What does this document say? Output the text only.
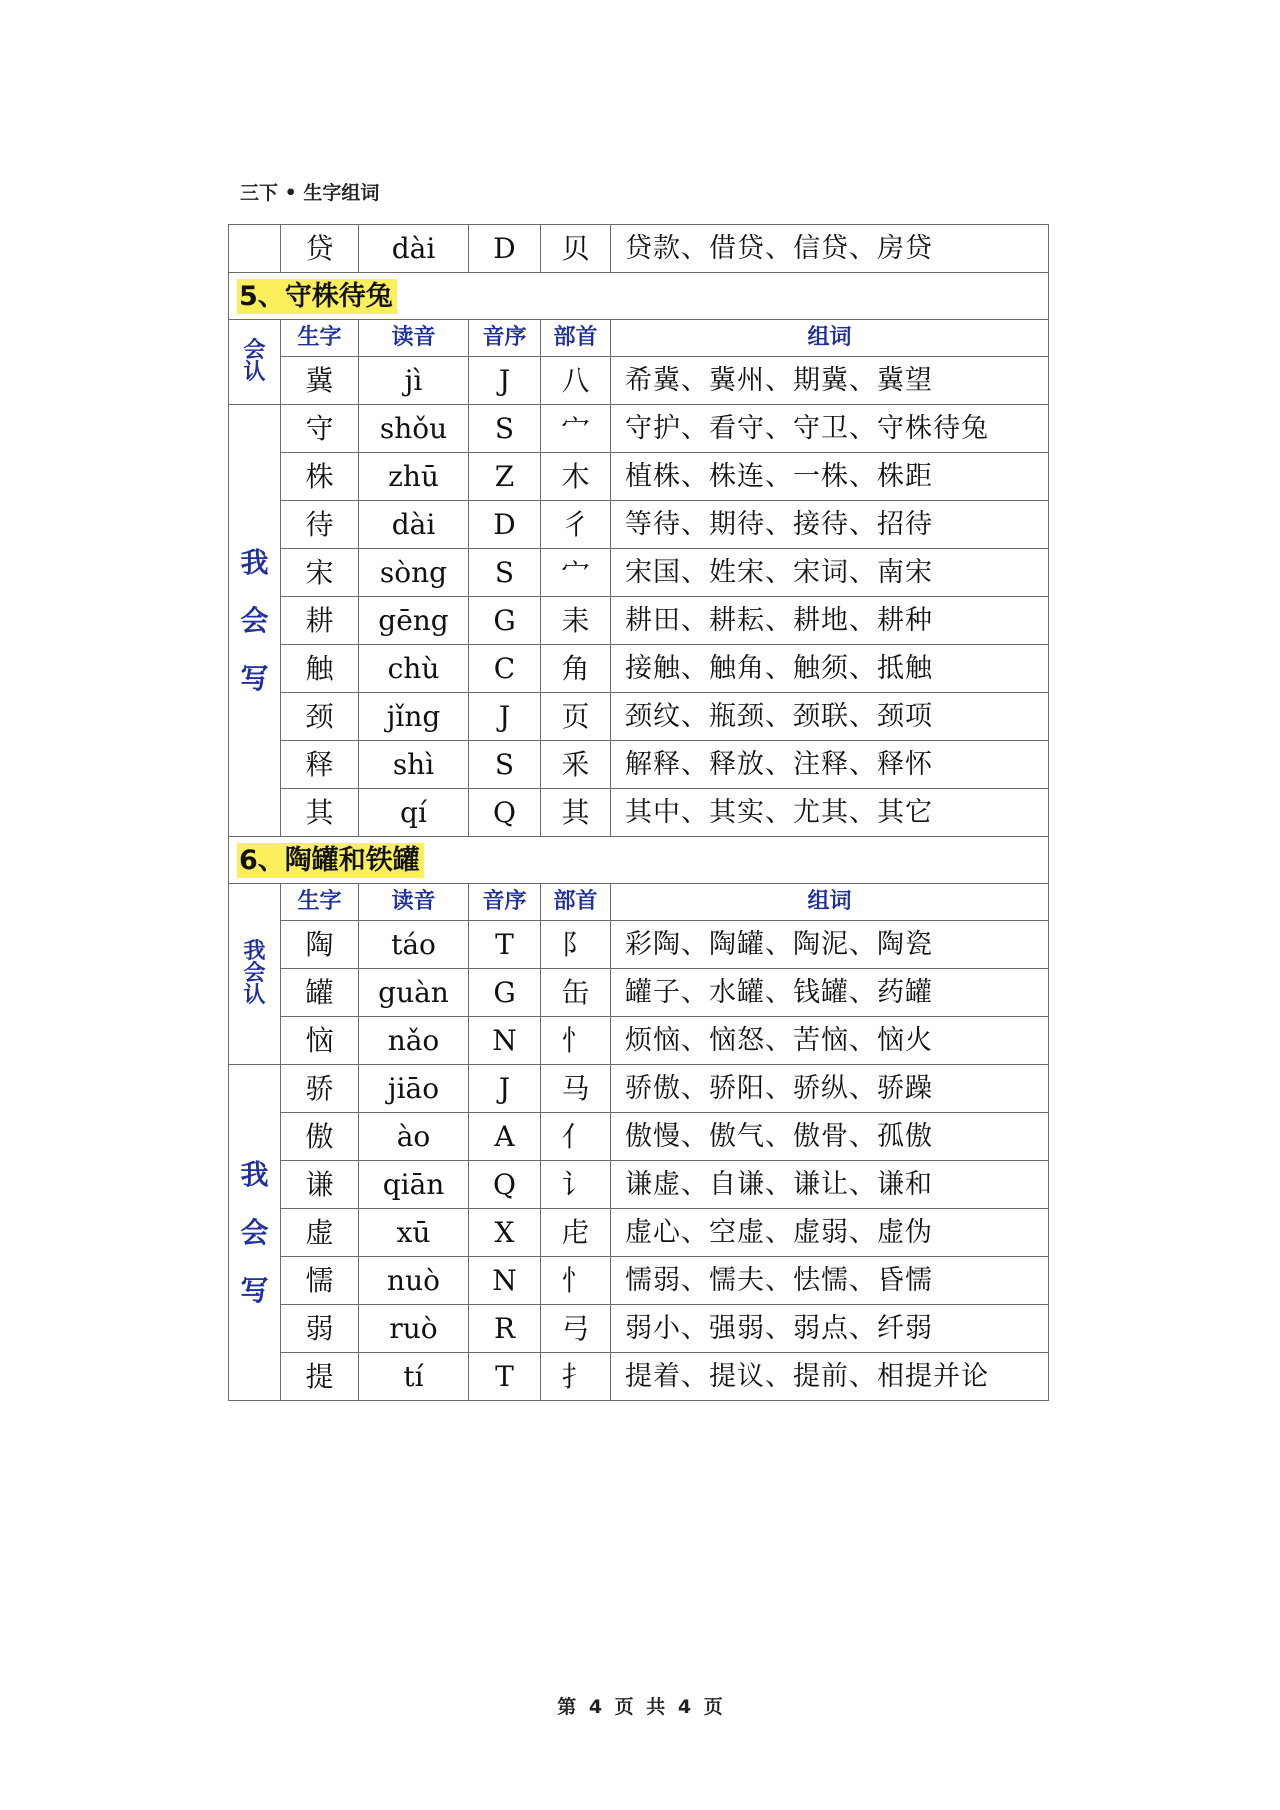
三下 • 生字组词
	贷	dài	D	贝	贷款、借贷、信贷、房贷
5、守株待兔					

会
认	生字	读音	音序	部首	组词
	冀	jì	J	八	希冀、冀州、期冀、冀望

我
会
写	守	shǒu	S	宀	守护、看守、守卫、守株待兔
	株	zhū	Z	木	植株、株连、一株、株距
	待	dài	D	彳	等待、期待、接待、招待
	宋	sòng	S	宀	宋国、姓宋、宋词、南宋
	耕	gēng	G	耒	耕田、耕耘、耕地、耕种
	触	chù	C	角	接触、触角、触须、抵触
	颈	jǐng	J	页	颈纹、瓶颈、颈联、颈项
	释	shì	S	釆	解释、释放、注释、释怀
	其	qí	Q	其	其中、其实、尤其、其它
6、陶罐和铁罐					

我
会
认	生字	读音	音序	部首	组词
	陶	táo	T	阝	彩陶、陶罐、陶泥、陶瓷
	罐	guàn	G	缶	罐子、水罐、钱罐、药罐
	恼	nǎo	N	忄	烦恼、恼怒、苦恼、恼火

我
会
写	骄	jiāo	J	马	骄傲、骄阳、骄纵、骄躁
	傲	ào	A	亻	傲慢、傲气、傲骨、孤傲
	谦	qiān	Q	讠	谦虚、自谦、谦让、谦和
	虚	xū	X	虍	虚心、空虚、虚弱、虚伪
	懦	nuò	N	忄	懦弱、懦夫、怯懦、昏懦
	弱	ruò	R	弓	弱小、强弱、弱点、纤弱
	提	tí	T	扌	提着、提议、提前、相提并论
第 4 页 共 4 页
